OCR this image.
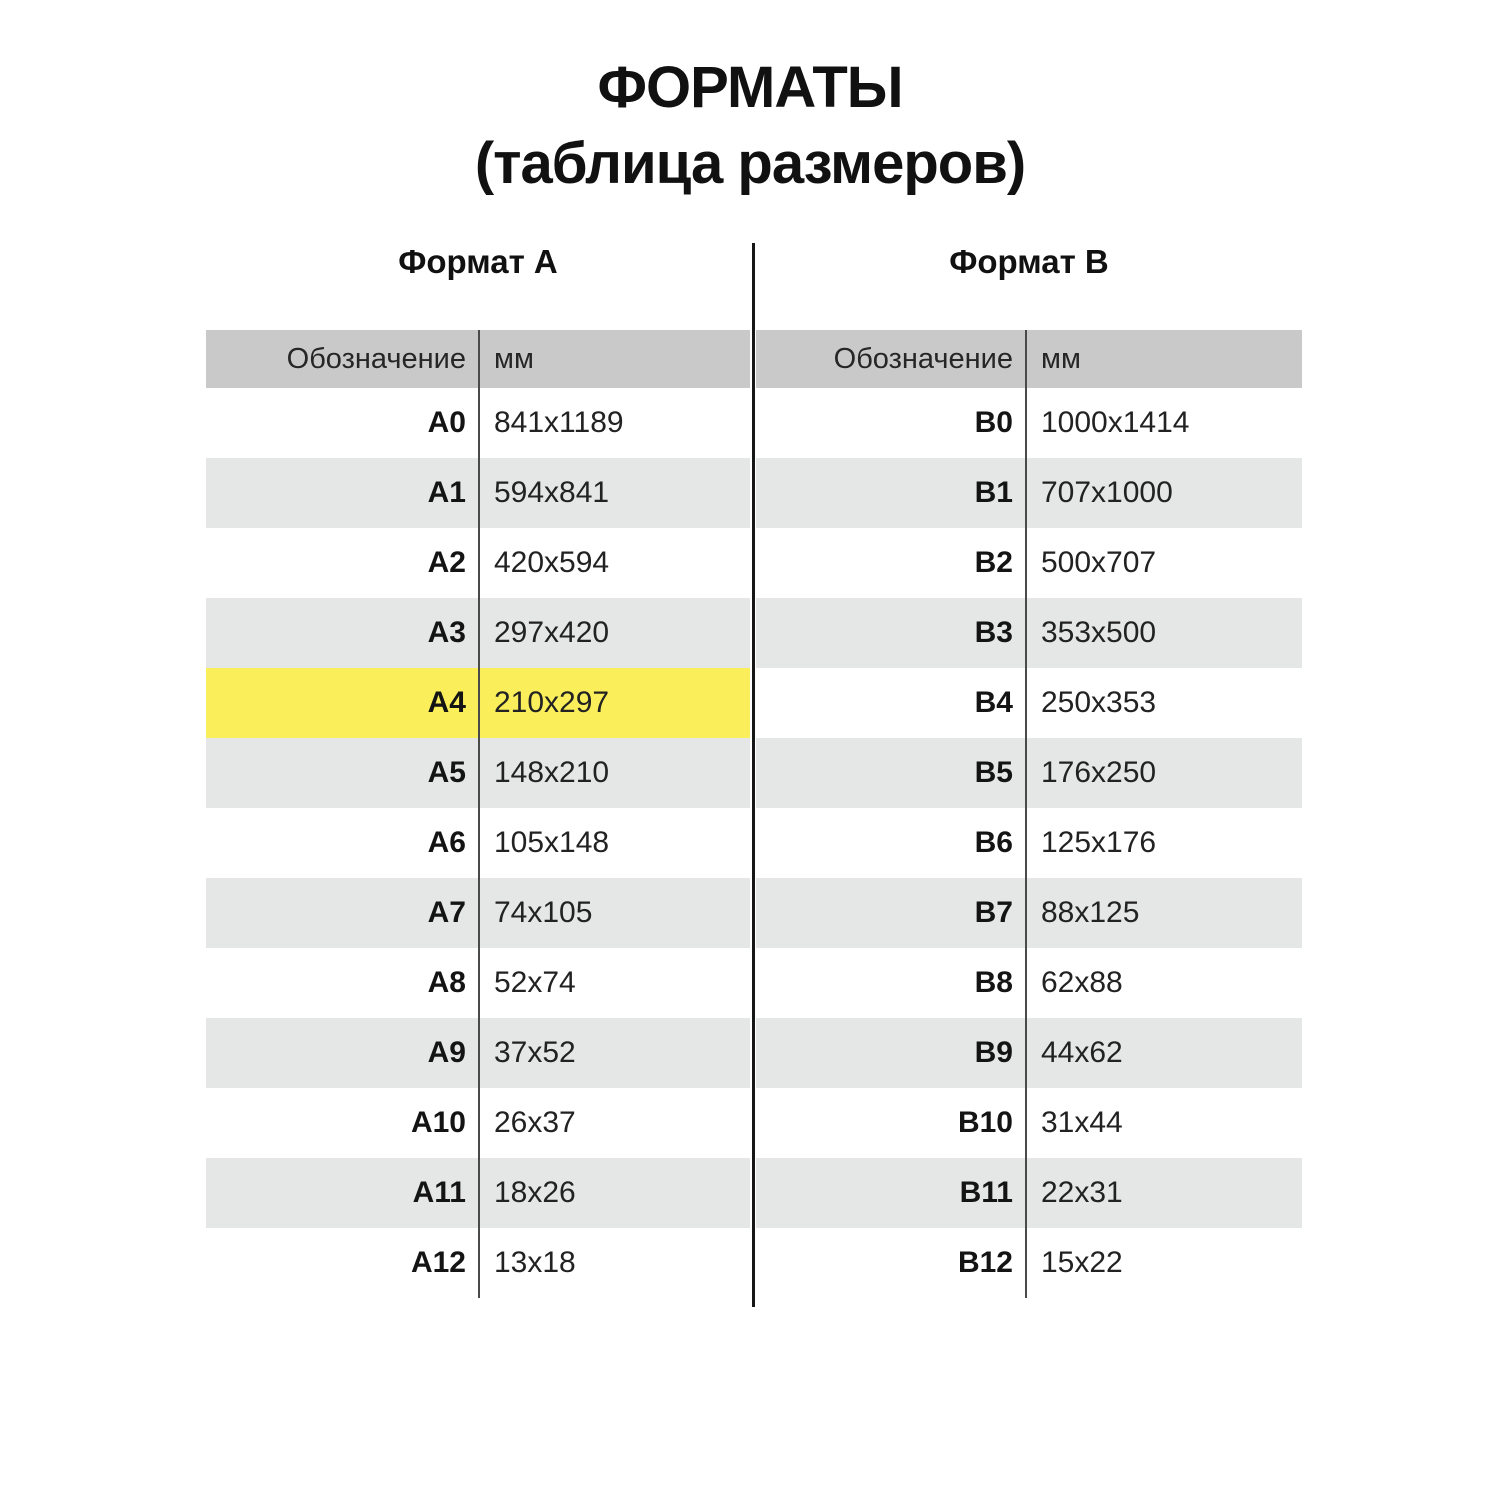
ФОРМАТЫ
(таблица размеров)
Формат А	Формат B
Обозначение мм
A0 841x1189
A1 594x841
A2 420x594
A3 297x420
A4 210x297
A5 148x210
A6 105x148
A7 74x105
A8 52x74
A9 37x52
A10 26x37
A11 18x26
A12 13x18
Обозначение мм
B0 1000x1414
B1 707x1000
B2 500x707
B3 353x500
B4 250x353
B5 176x250
B6 125x176
B7 88x125
B8 62x88
B9 44x62
B10 31x44
B11 22x31
B12 15x22
